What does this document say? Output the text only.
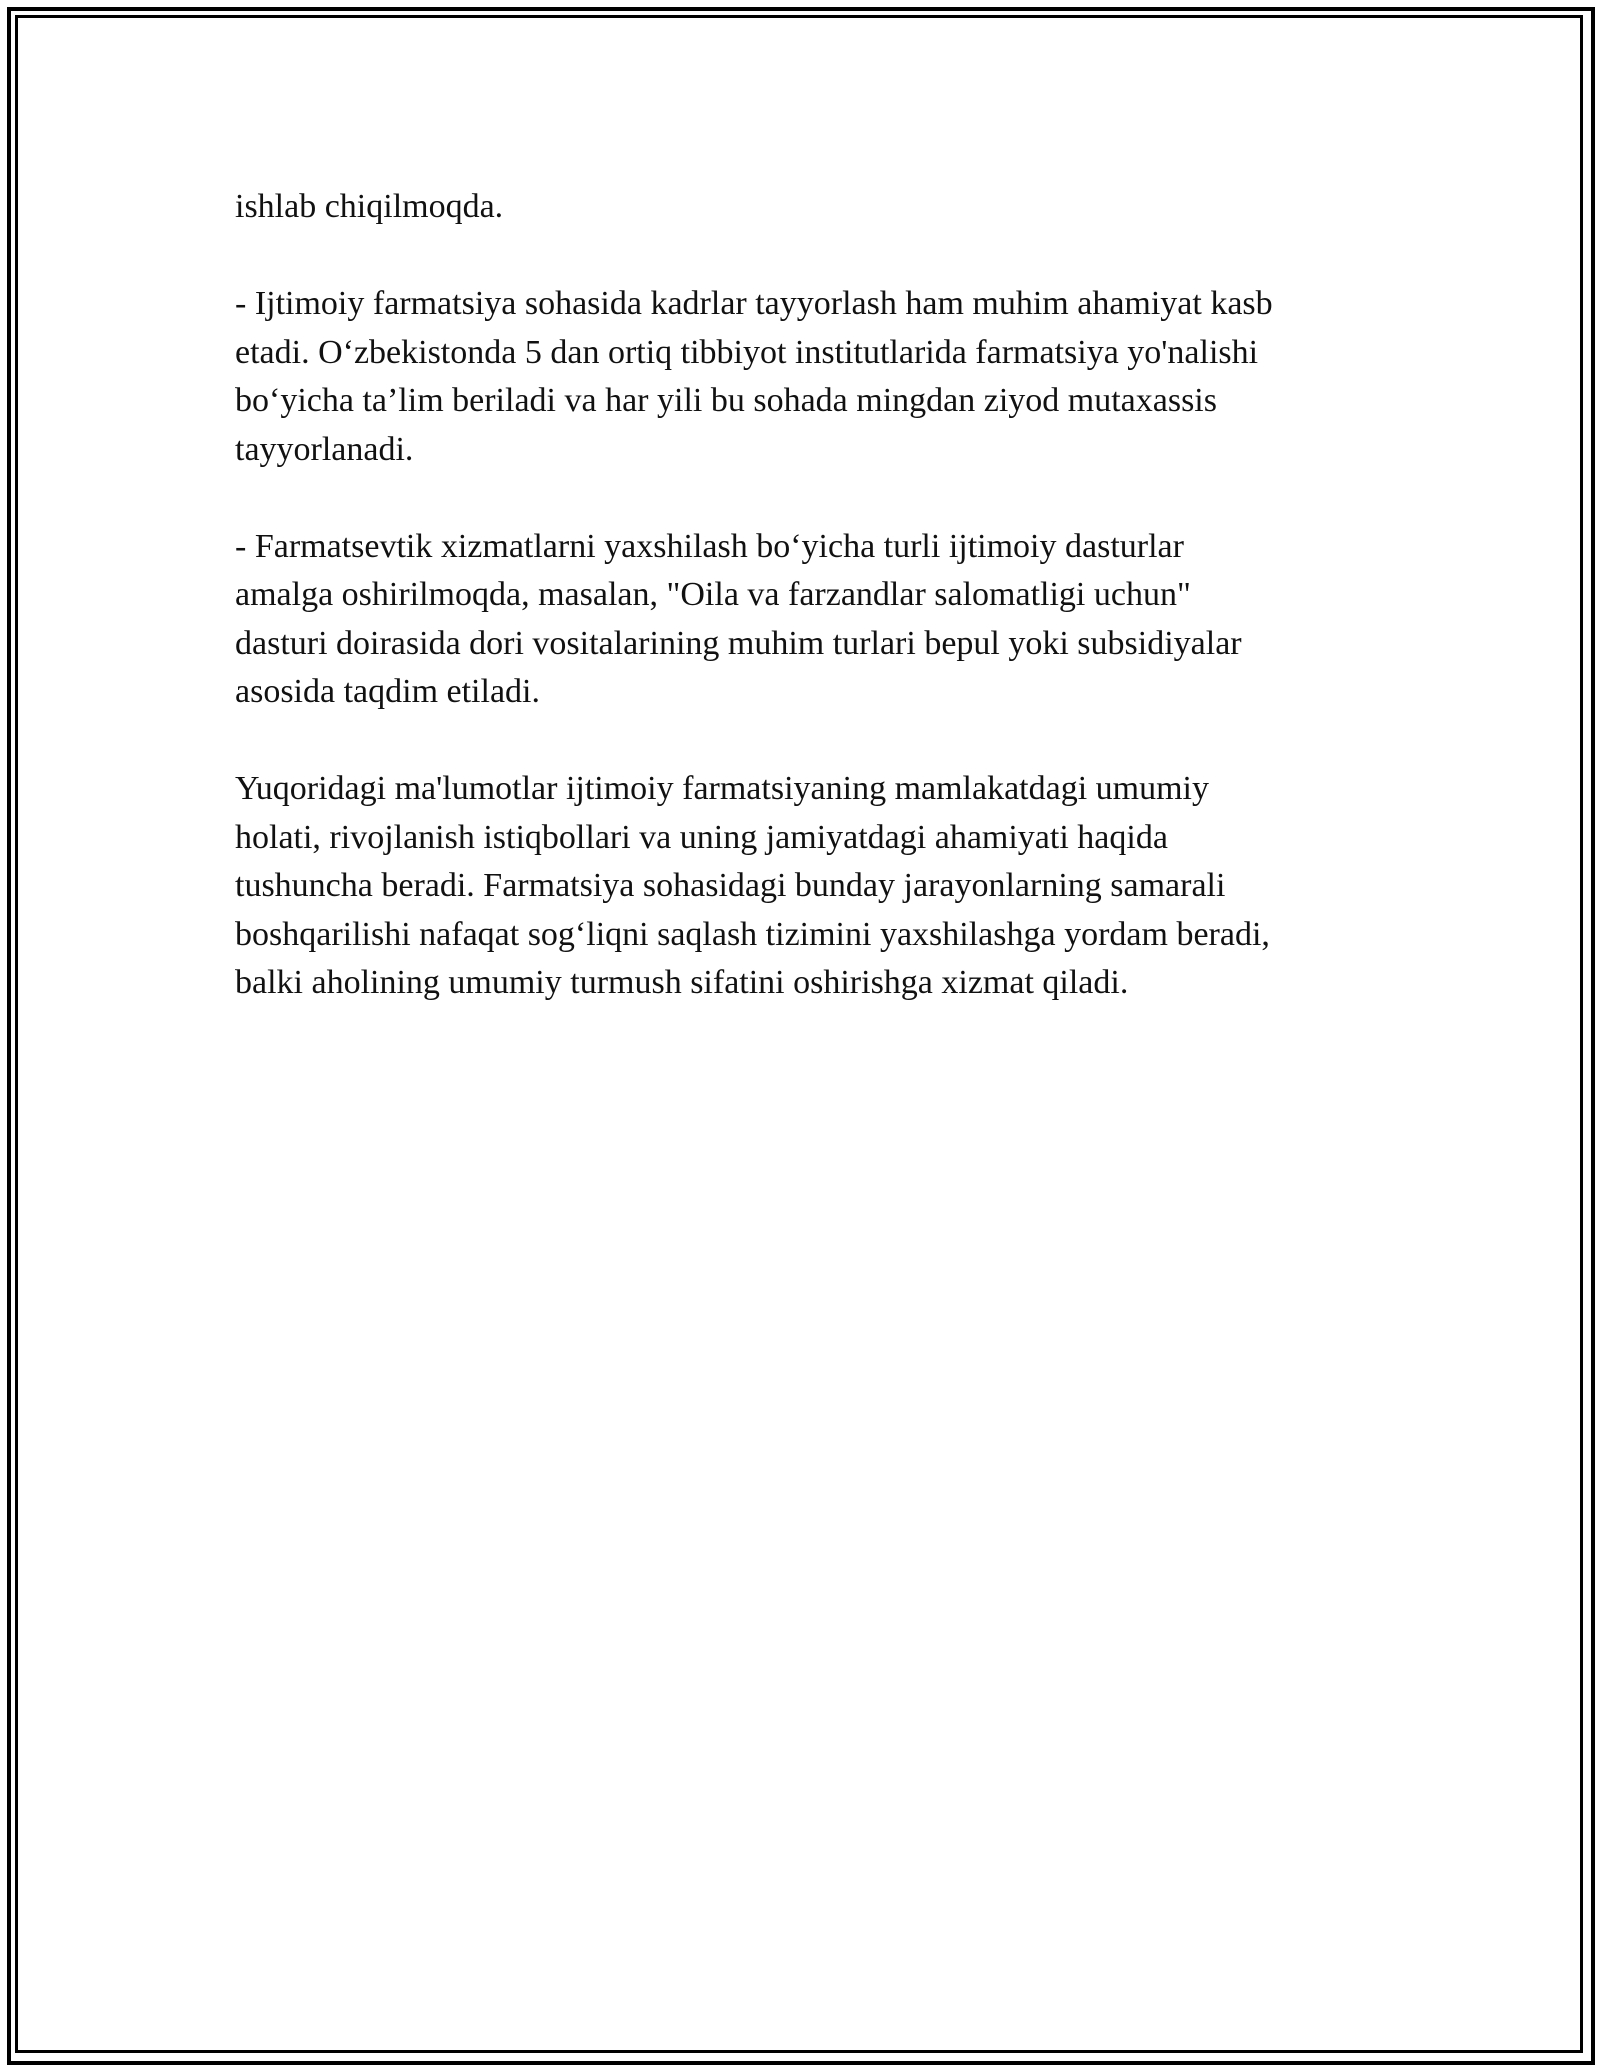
ishlab chiqilmoqda.

- Ijtimoiy farmatsiya sohasida kadrlar tayyorlash ham muhim ahamiyat kasb
etadi. O‘zbekistonda 5 dan ortiq tibbiyot institutlarida farmatsiya yo'nalishi
bo‘yicha ta’lim beriladi va har yili bu sohada mingdan ziyod mutaxassis
tayyorlanadi.

- Farmatsevtik xizmatlarni yaxshilash bo‘yicha turli ijtimoiy dasturlar
amalga oshirilmoqda, masalan, "Oila va farzandlar salomatligi uchun"
dasturi doirasida dori vositalarining muhim turlari bepul yoki subsidiyalar
asosida taqdim etiladi.

Yuqoridagi ma'lumotlar ijtimoiy farmatsiyaning mamlakatdagi umumiy
holati, rivojlanish istiqbollari va uning jamiyatdagi ahamiyati haqida
tushuncha beradi. Farmatsiya sohasidagi bunday jarayonlarning samarali
boshqarilishi nafaqat sog‘liqni saqlash tizimini yaxshilashga yordam beradi,
balki aholining umumiy turmush sifatini oshirishga xizmat qiladi.
